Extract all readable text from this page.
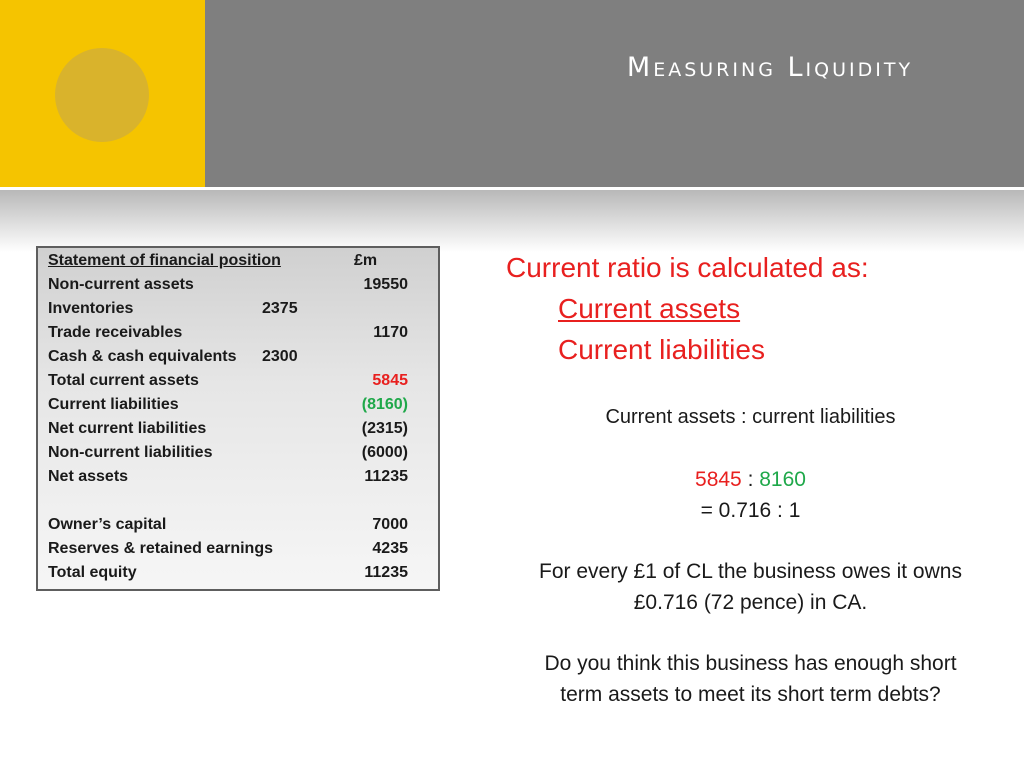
Measuring Liquidity
Statement of financial position	£m
Non-current assets	19550
Inventories	2375
Trade receivables	1170
Cash & cash equivalents 2300
Total current assets	5845
Current liabilities	(8160)
Net current liabilities	(2315)
Non-current liabilities	(6000)
Net assets	11235
Owner’s capital	7000
Reserves & retained earnings	4235
Total equity	11235
Current ratio is calculated as:
Current assets
Current liabilities
Current assets : current liabilities
5845 : 8160
= 0.716 : 1
For every £1 of CL the business owes it owns
£0.716 (72 pence) in CA.
Do you think this business has enough short
term assets to meet its short term debts?
